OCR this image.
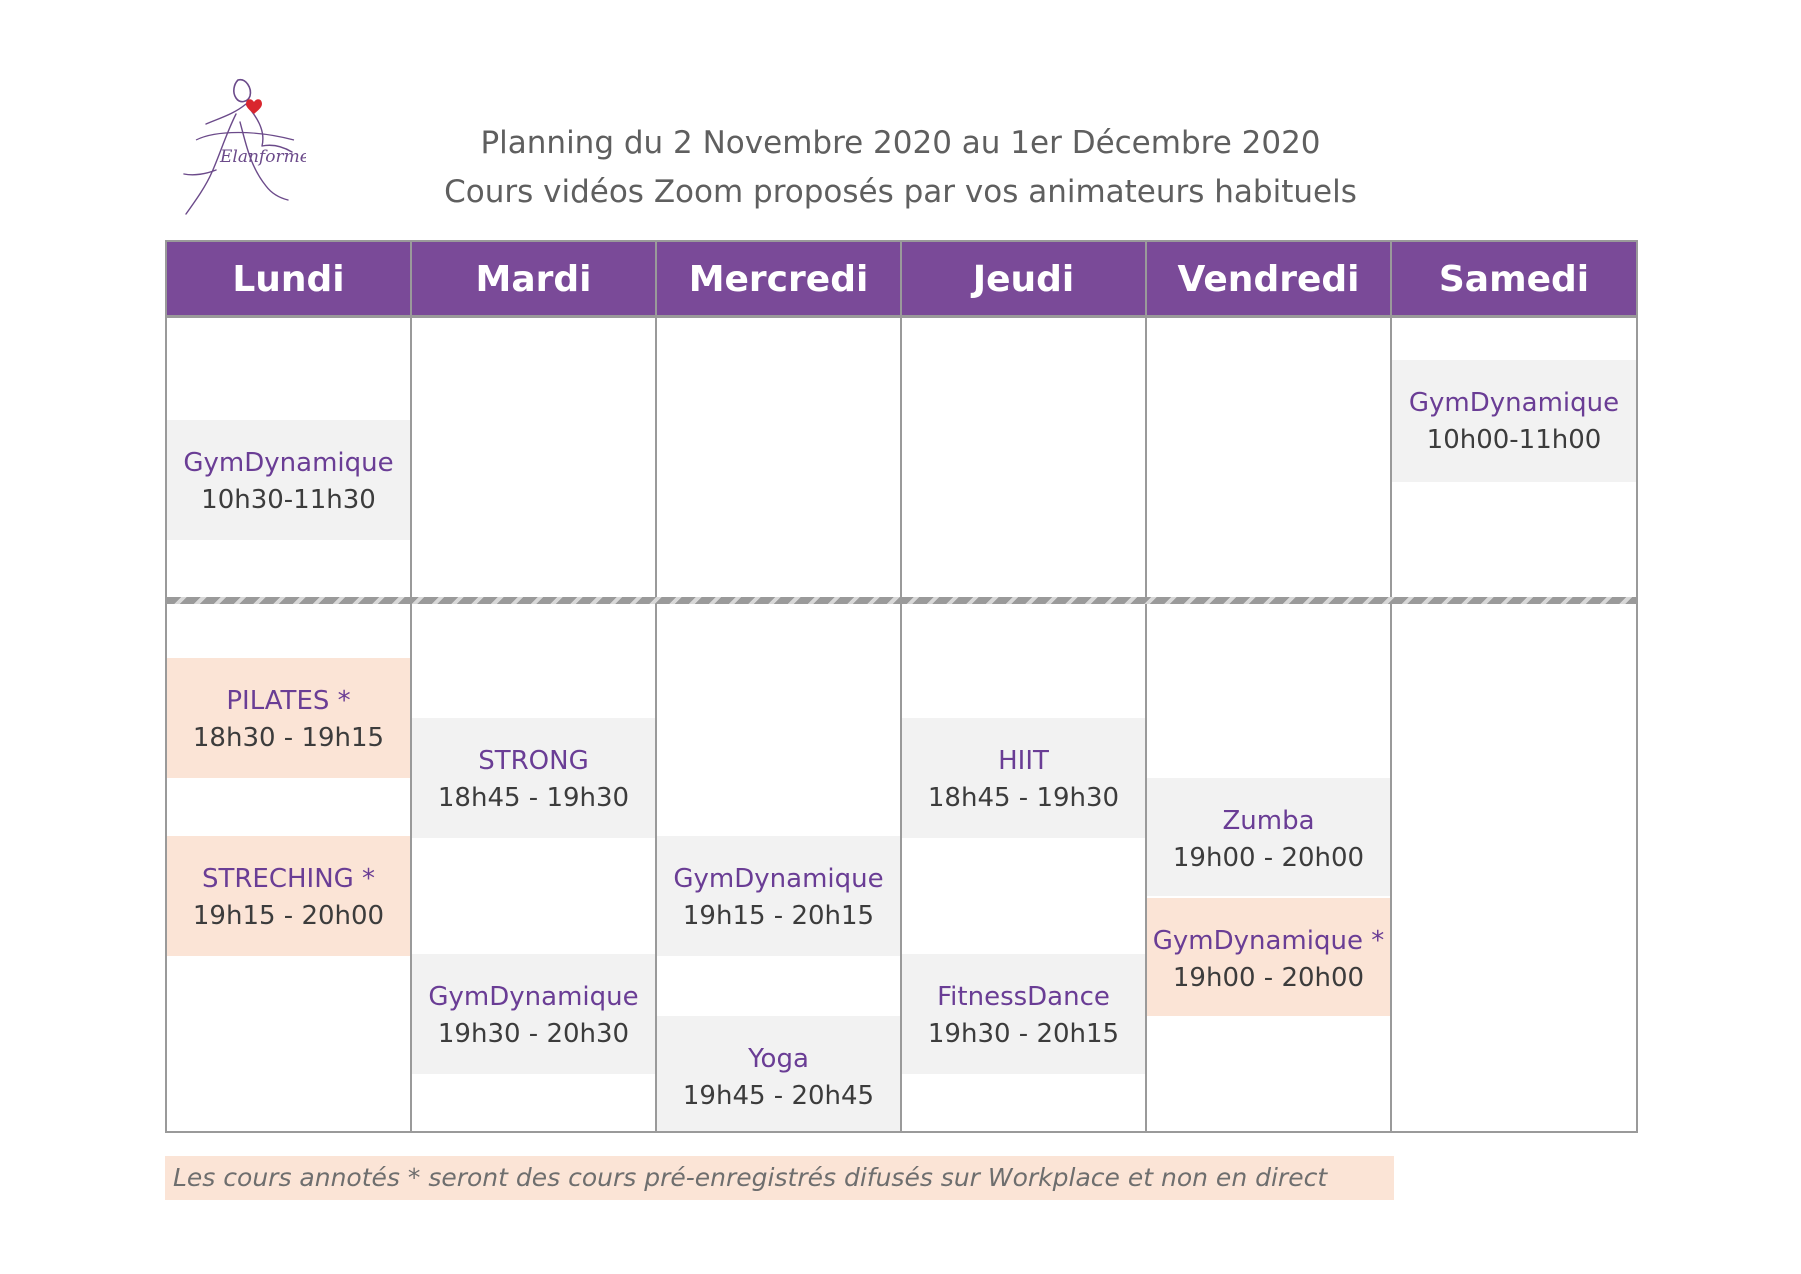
Elanforme	Planning du 2 Novembre 2020 au 1er Décembre 2020
Cours vidéos Zoom proposés par vos animateurs habituels
Lundi
GymDynamique
10h30-11h30
PILATES *
18h30 - 19h15
STRECHING *
19h15 - 20h00
Mardi
STRONG
18h45 - 19h30
GymDynamique
19h30 - 20h30
Mercredi
GymDynamique
19h15 - 20h15
Yoga
19h45 - 20h45
Jeudi
HIIT
18h45 - 19h30
FitnessDance
19h30 - 20h15
Vendredi
Zumba
19h00 - 20h00
GymDynamique *
19h00 - 20h00
Samedi
GymDynamique
10h00-11h00
Les cours annotés * seront des cours pré-enregistrés difusés sur Workplace et non en direct
